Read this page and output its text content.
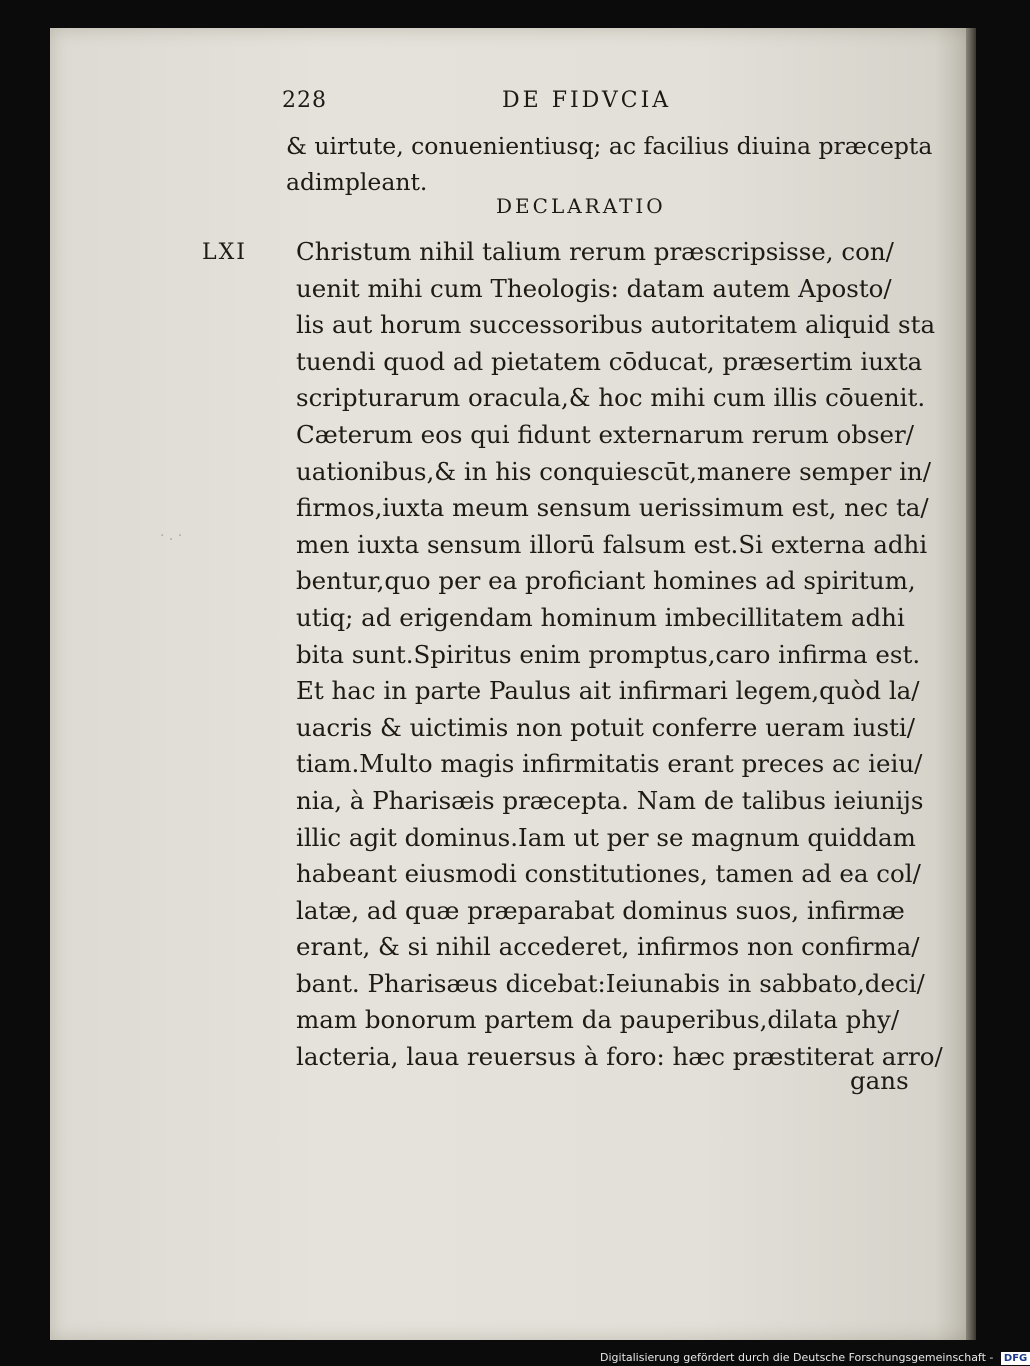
228	DE FIDVCIA
& uirtute, conuenientiusq; ac facilius diuina præcepta
adimpleant.
DECLARATIO
LXI Christum nihil talium rerum præscripsisse, con/
uenit mihi cum Theologis: datam autem Aposto/
lis aut horum successoribus autoritatem aliquid sta
tuendi quod ad pietatem cōducat, præsertim iuxta
scripturarum oracula,& hoc mihi cum illis cōuenit.
Cæterum eos qui fidunt externarum rerum obser/
uationibus,& in his conquiescūt,manere semper in/
firmos,iuxta meum sensum uerissimum est, nec ta/
men iuxta sensum illorū falsum est.Si externa adhi
bentur,quo per ea proficiant homines ad spiritum,
utiq; ad erigendam hominum imbecillitatem adhi
bita sunt.Spiritus enim promptus,caro infirma est.
Et hac in parte Paulus ait infirmari legem,quòd la/
uacris & uictimis non potuit conferre ueram iusti/
tiam.Multo magis infirmitatis erant preces ac ieiu/
nia, à Pharisæis præcepta. Nam de talibus ieiunijs
illic agit dominus.Iam ut per se magnum quiddam
habeant eiusmodi constitutiones, tamen ad ea col/
latæ, ad quæ præparabat dominus suos, infirmæ
erant, & si nihil accederet, infirmos non confirma/
bant. Pharisæus dicebat:Ieiunabis in sabbato,deci/
mam bonorum partem da pauperibus,dilata phy/
lacteria, laua reuersus à foro: hæc præstiterat arro/
gans
· . ·
Digitalisierung gefördert durch die Deutsche Forschungsgemeinschaft - DFG
